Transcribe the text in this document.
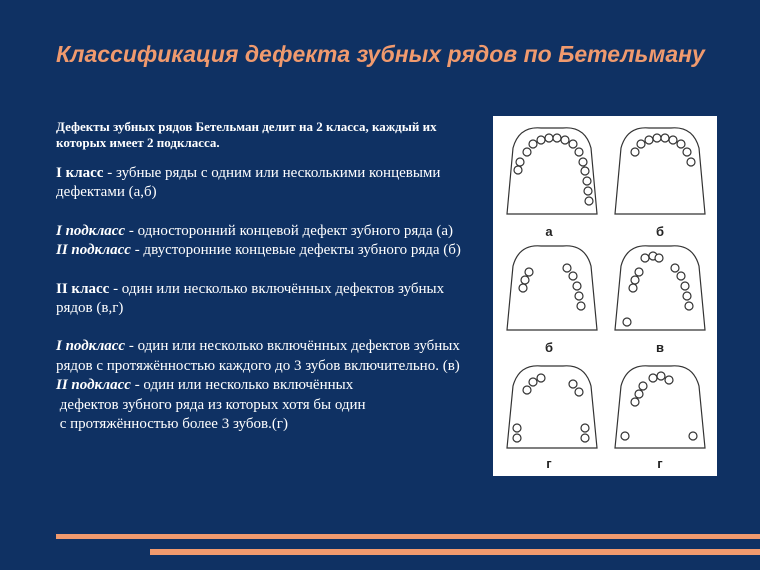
Классификация дефекта зубных рядов по Бетельману

Дефекты зубных рядов Бетельман делит на 2 класса, каждый их которых имеет 2 подкласса.

I класс - зубные ряды с одним или несколькими концевыми дефектами (а,б)

I подкласс - односторонний концевой дефект зубного ряда (а)

II подкласс - двусторонние концевые дефекты зубного ряда (б)

II класс - один или несколько включённых дефектов зубных рядов (в,г)

I подкласс - один или несколько включённых дефектов зубных рядов с протяжённостью каждого до 3 зубов включительно. (в)

II подкласс - один или несколько включённых

дефектов зубного ряда из которых хотя бы один

с протяжённостью более 3 зубов.(г)

а	б
б	в
г	г
